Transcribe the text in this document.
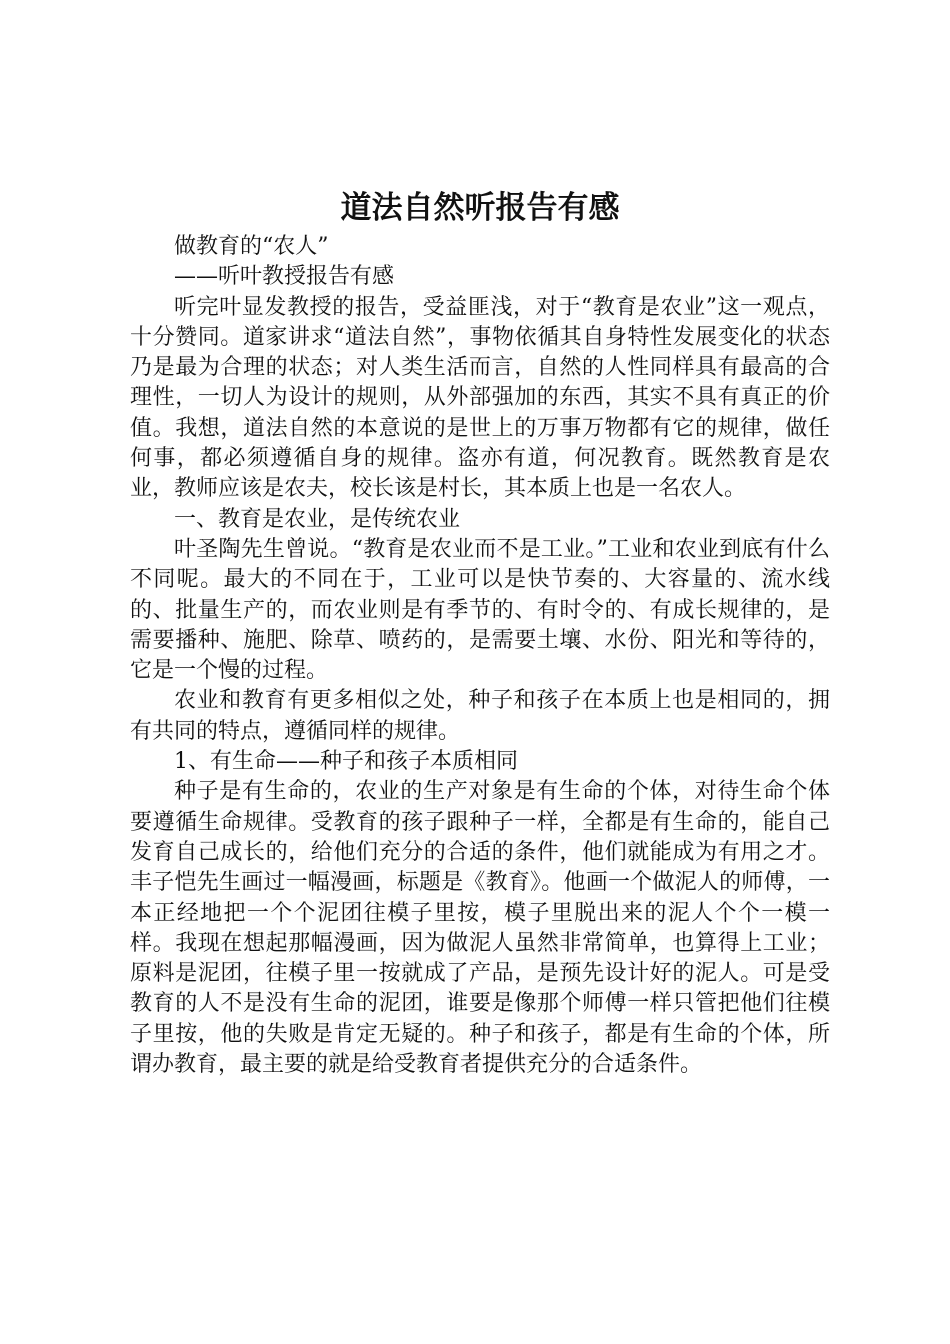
道法自然听报告有感

做教育的“农人”

——听叶教授报告有感

听完叶显发教授的报告，受益匪浅，对于“教育是农业”这一观点，十分赞同。道家讲求“道法自然”，事物依循其自身特性发展变化的状态乃是最为合理的状态；对人类生活而言，自然的人性同样具有最高的合理性，一切人为设计的规则，从外部强加的东西，其实不具有真正的价值。我想，道法自然的本意说的是世上的万事万物都有它的规律，做任何事，都必须遵循自身的规律。盗亦有道，何况教育。既然教育是农业，教师应该是农夫，校长该是村长，其本质上也是一名农人。

一、教育是农业，是传统农业

叶圣陶先生曾说。“教育是农业而不是工业。”工业和农业到底有什么不同呢。最大的不同在于，工业可以是快节奏的、大容量的、流水线的、批量生产的，而农业则是有季节的、有时令的、有成长规律的，是需要播种、施肥、除草、喷药的，是需要土壤、水份、阳光和等待的，它是一个慢的过程。

农业和教育有更多相似之处，种子和孩子在本质上也是相同的，拥有共同的特点，遵循同样的规律。

1、有生命——种子和孩子本质相同

种子是有生命的，农业的生产对象是有生命的个体，对待生命个体要遵循生命规律。受教育的孩子跟种子一样，全都是有生命的，能自己发育自己成长的，给他们充分的合适的条件，他们就能成为有用之才。丰子恺先生画过一幅漫画，标题是《教育》。他画一个做泥人的师傅，一本正经地把一个个泥团往模子里按，模子里脱出来的泥人个个一模一样。我现在想起那幅漫画，因为做泥人虽然非常简单，也算得上工业；原料是泥团，往模子里一按就成了产品，是预先设计好的泥人。可是受教育的人不是没有生命的泥团，谁要是像那个师傅一样只管把他们往模子里按，他的失败是肯定无疑的。种子和孩子，都是有生命的个体，所谓办教育，最主要的就是给受教育者提供充分的合适条件。
